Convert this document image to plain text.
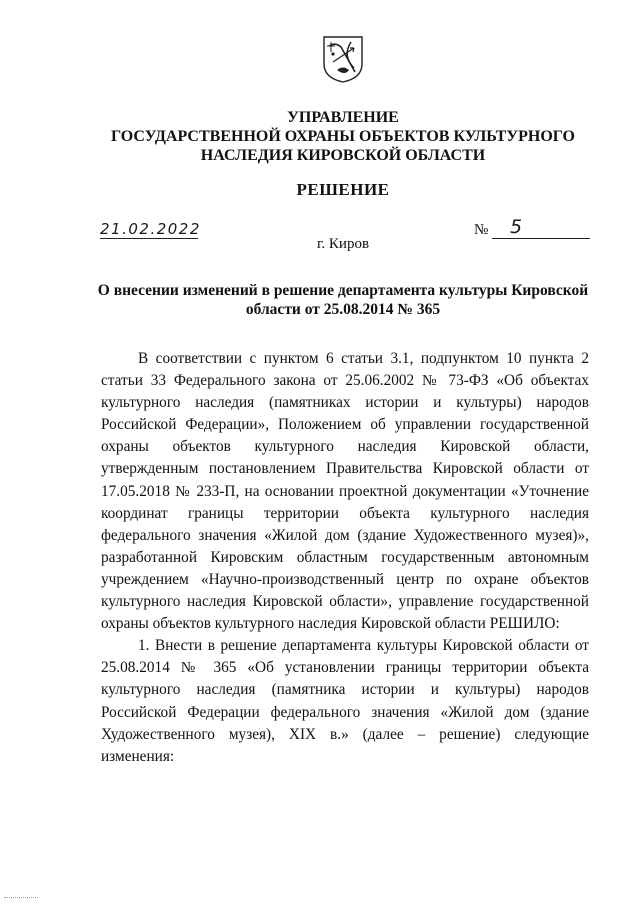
УПРАВЛЕНИЕ
ГОСУДАРСТВЕННОЙ ОХРАНЫ ОБЪЕКТОВ КУЛЬТУРНОГО
НАСЛЕДИЯ КИРОВСКОЙ ОБЛАСТИ
РЕШЕНИЕ
21.02.2022	№ 5
г. Киров
О внесении изменений в решение департамента культуры Кировской
области от 25.08.2014 № 365

В соответствии с пунктом 6 статьи 3.1, подпунктом 10 пункта 2 статьи 33 Федерального закона от 25.06.2002 № 73-ФЗ «Об объектах культурного наследия (памятниках истории и культуры) народов Российской Федерации», Положением об управлении государственной охраны объектов культурного наследия Кировской области, утвержденным постановлением Правительства Кировской области от 17.05.2018 № 233-П, на основании проектной документации «Уточнение координат границы территории объекта культурного наследия федерального значения «Жилой дом (здание Художественного музея)», разработанной Кировским областным государственным автономным учреждением «Научно-производственный центр по охране объектов культурного наследия Кировской области», управление государственной охраны объектов культурного наследия Кировской области РЕШИЛО:

1. Внести в решение департамента культуры Кировской области от 25.08.2014 № 365 «Об установлении границы территории объекта культурного наследия (памятника истории и культуры) народов Российской Федерации федерального значения «Жилой дом (здание Художественного музея), XIX в.» (далее – решение) следующие изменения:
